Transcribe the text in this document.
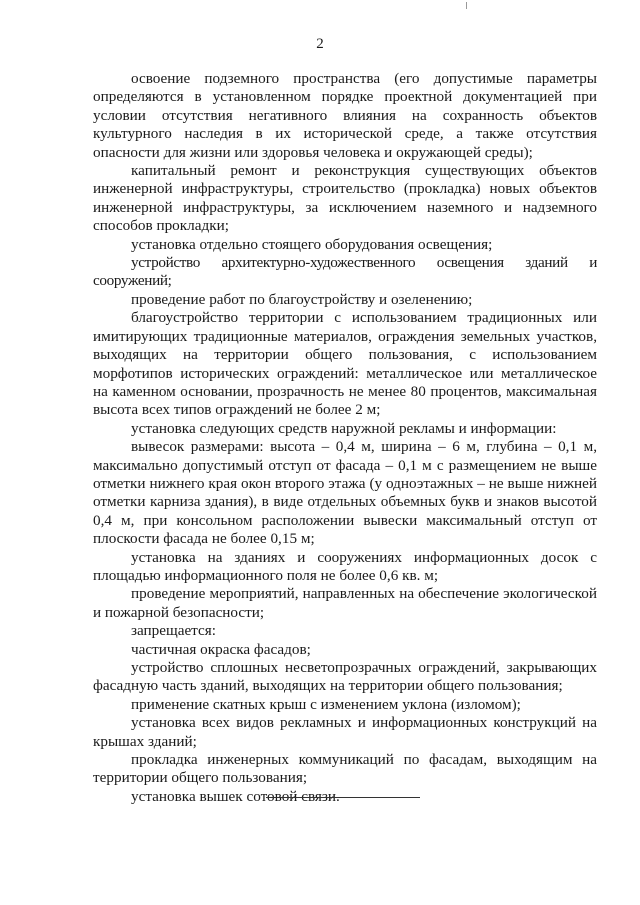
2

освоение подземного пространства (его допустимые параметры определяются в установленном порядке проектной документацией при условии отсутствия негативного влияния на сохранность объектов культурного наследия в их исторической среде, а также отсутствия опасности для жизни или здоровья человека и окружающей среды);

капитальный ремонт и реконструкция существующих объектов инженерной инфраструктуры, строительство (прокладка) новых объектов инженерной инфраструктуры, за исключением наземного и надземного способов прокладки;

установка отдельно стоящего оборудования освещения;

устройство архитектурно-художественного освещения зданий и сооружений;

проведение работ по благоустройству и озеленению;

благоустройство территории с использованием традиционных или имитирующих традиционные материалов, ограждения земельных участков, выходящих на территории общего пользования, с использованием морфотипов исторических ограждений: металлическое или металлическое на каменном основании, прозрачность не менее 80 процентов, максимальная высота всех типов ограждений не более 2 м;

установка следующих средств наружной рекламы и информации:

вывесок размерами: высота – 0,4 м, ширина – 6 м, глубина – 0,1 м, максимально допустимый отступ от фасада – 0,1 м с размещением не выше отметки нижнего края окон второго этажа (у одноэтажных – не выше нижней отметки карниза здания), в виде отдельных объемных букв и знаков высотой 0,4 м, при консольном расположении вывески максимальный отступ от плоскости фасада не более 0,15 м;

установка на зданиях и сооружениях информационных досок с площадью информационного поля не более 0,6 кв. м;

проведение мероприятий, направленных на обеспечение экологической и пожарной безопасности;

запрещается:

частичная окраска фасадов;

устройство сплошных несветопрозрачных ограждений, закрывающих фасадную часть зданий, выходящих на территории общего пользования;

применение скатных крыш с изменением уклона (изломом);

установка всех видов рекламных и информационных конструкций на крышах зданий;

прокладка инженерных коммуникаций по фасадам, выходящим на территории общего пользования;

установка вышек сотовой связи.
